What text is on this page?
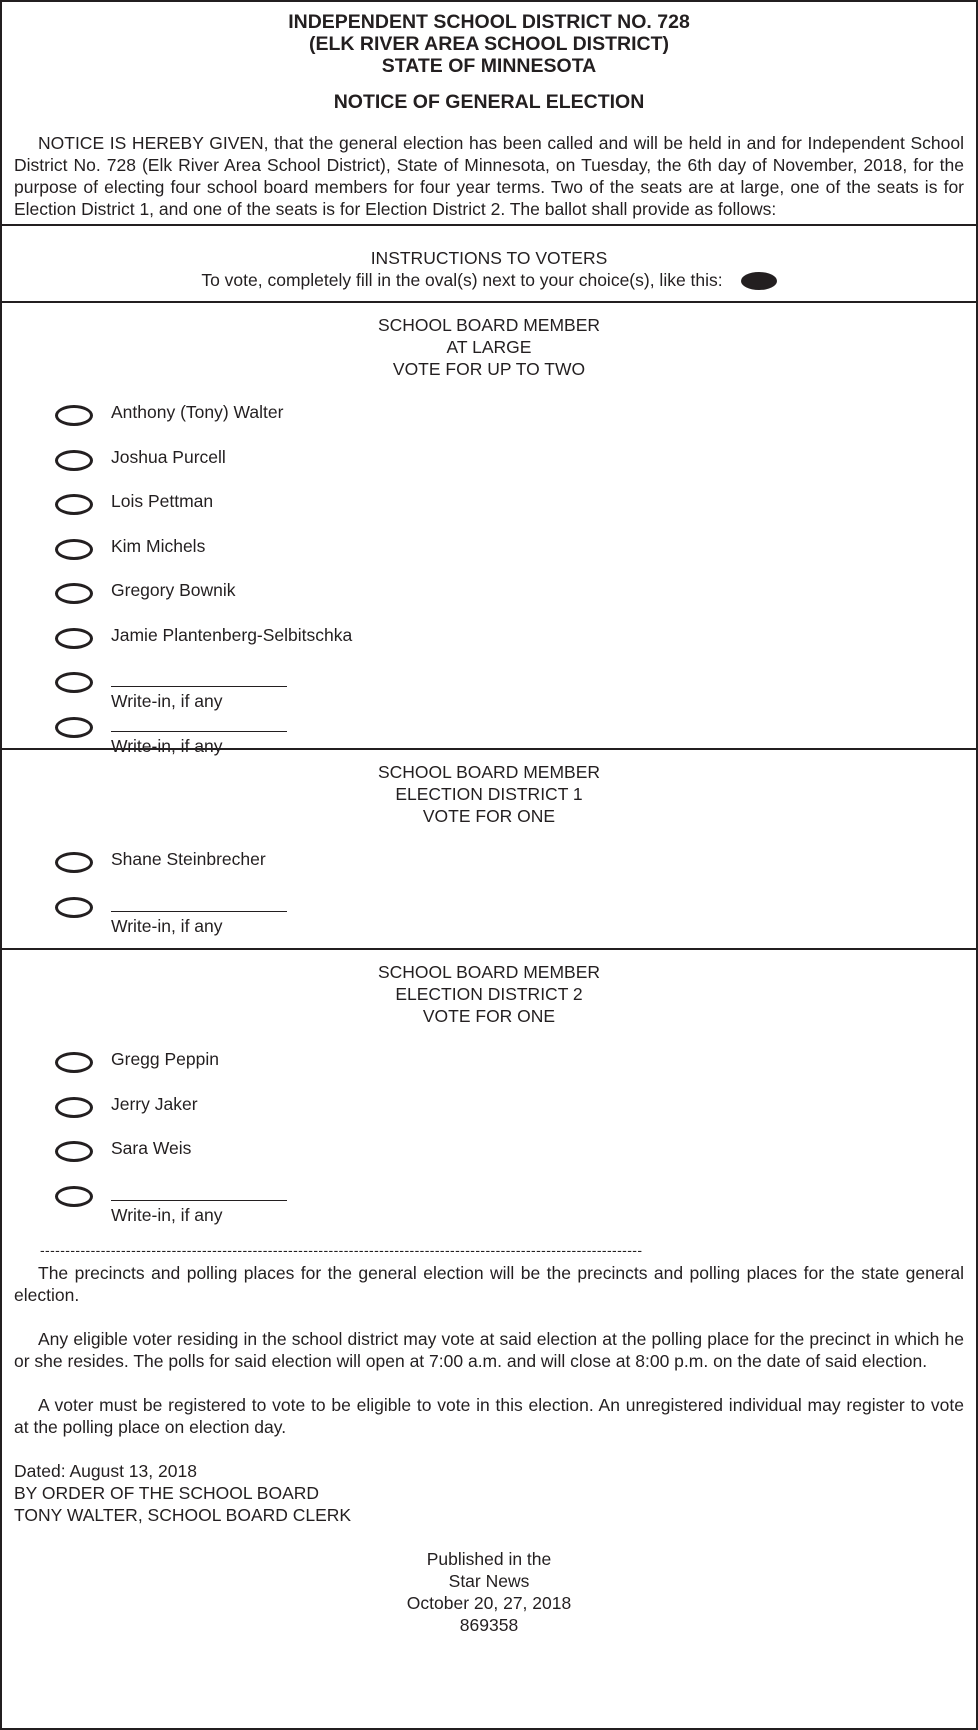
INDEPENDENT SCHOOL DISTRICT NO. 728
(ELK RIVER AREA SCHOOL DISTRICT)
STATE OF MINNESOTA
NOTICE OF GENERAL ELECTION
NOTICE IS HEREBY GIVEN, that the general election has been called and will be held in and for Independent School District No. 728 (Elk River Area School District), State of Minnesota, on Tuesday, the 6th day of November, 2018, for the purpose of electing four school board members for four year terms. Two of the seats are at large, one of the seats is for Election District 1, and one of the seats is for Election District 2. The ballot shall provide as follows:
INSTRUCTIONS TO VOTERS
To vote, completely fill in the oval(s) next to your choice(s), like this:
SCHOOL BOARD MEMBER
AT LARGE
VOTE FOR UP TO TWO
Anthony (Tony) Walter
Joshua Purcell
Lois Pettman
Kim Michels
Gregory Bownik
Jamie Plantenberg-Selbitschka
Write-in, if any
Write-in, if any
SCHOOL BOARD MEMBER
ELECTION DISTRICT 1
VOTE FOR ONE
Shane Steinbrecher
Write-in, if any
SCHOOL BOARD MEMBER
ELECTION DISTRICT 2
VOTE FOR ONE
Gregg Peppin
Jerry Jaker
Sara Weis
Write-in, if any
-----------------------------------------------------------------------------------------------------------------------

The precincts and polling places for the general election will be the precincts and polling places for the state general election.

Any eligible voter residing in the school district may vote at said election at the polling place for the precinct in which he or she resides. The polls for said election will open at 7:00 a.m. and will close at 8:00 p.m. on the date of said election.

A voter must be registered to vote to be eligible to vote in this election. An unregistered individual may register to vote at the polling place on election day.

Dated: August 13, 2018
BY ORDER OF THE SCHOOL BOARD
TONY WALTER, SCHOOL BOARD CLERK
Published in the
Star News
October 20, 27, 2018
869358
